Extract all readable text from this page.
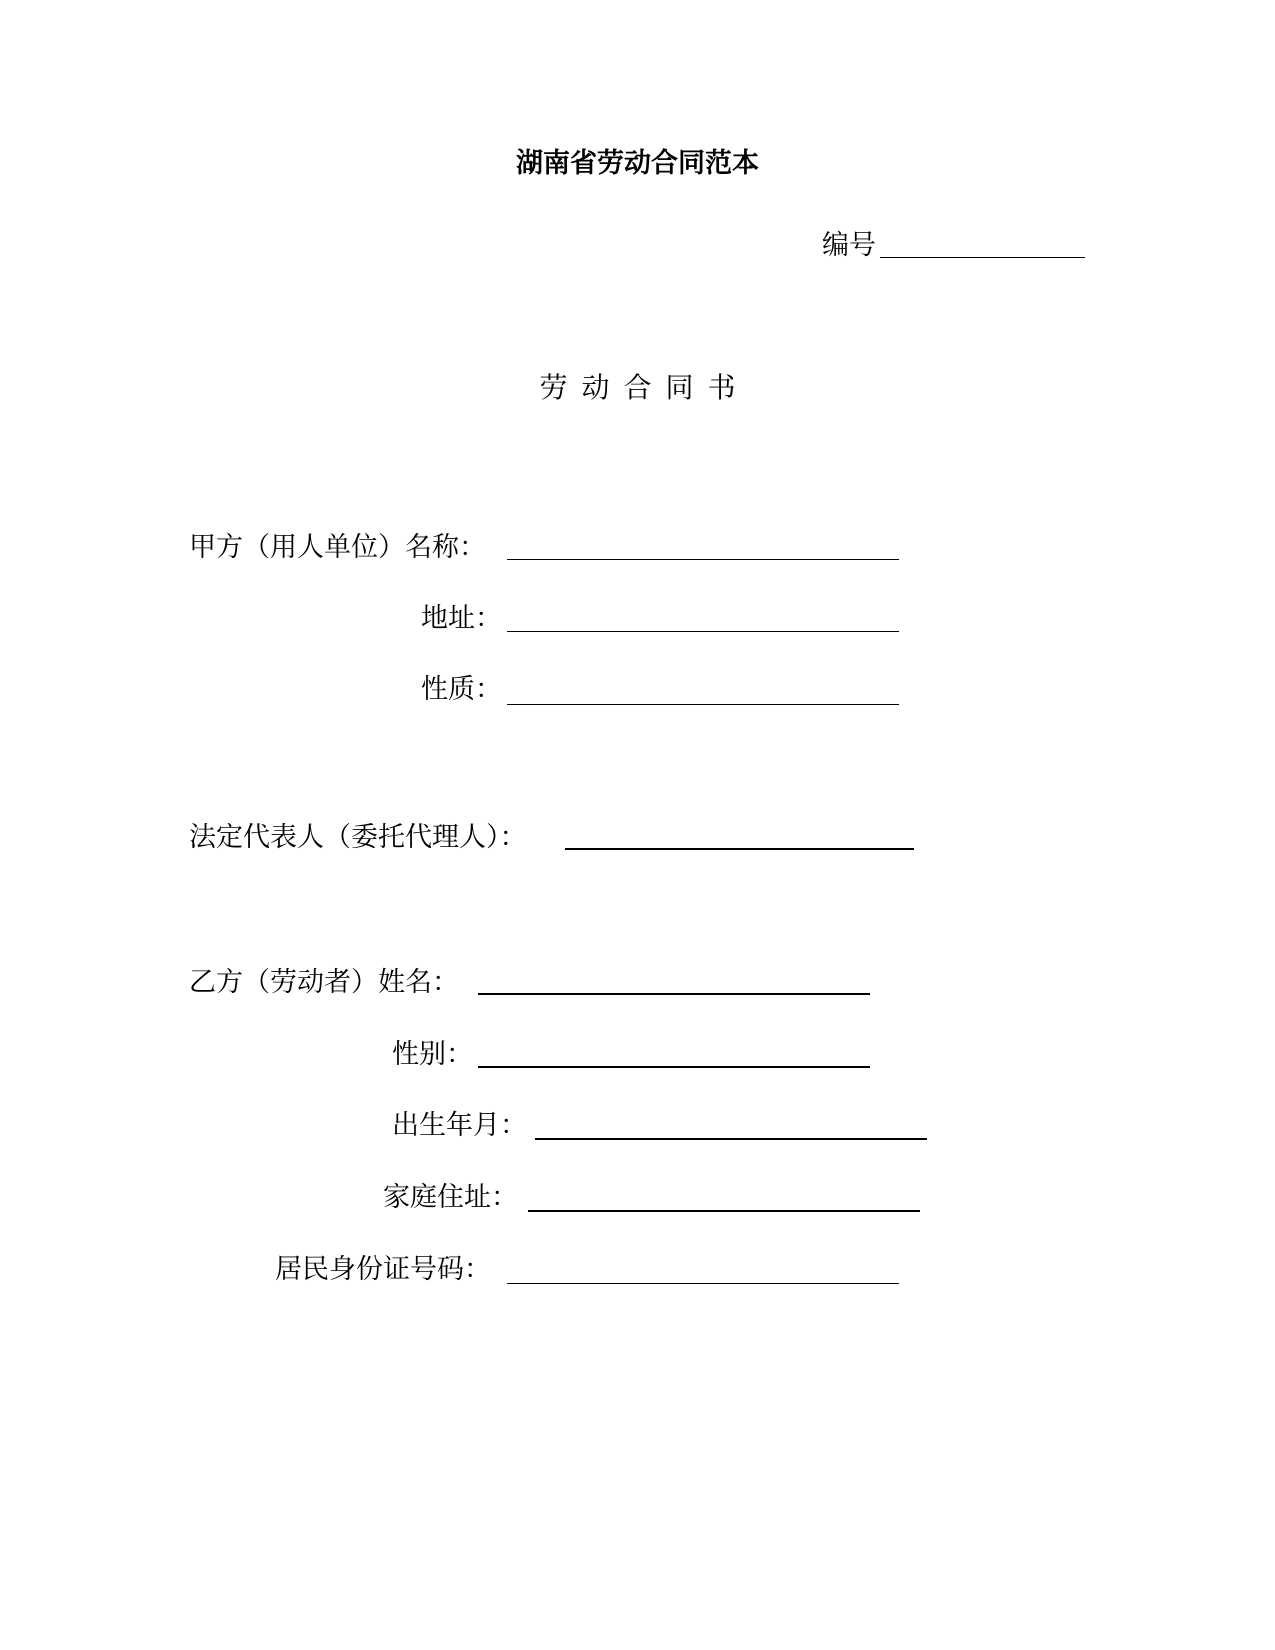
湖南省劳动合同范本
编号
劳动合同书
甲方（用人单位）名称：
地址：
性质：
法定代表人（委托代理人）：
乙方（劳动者）姓名：
性别：
出生年月：
家庭住址：
居民身份证号码：
